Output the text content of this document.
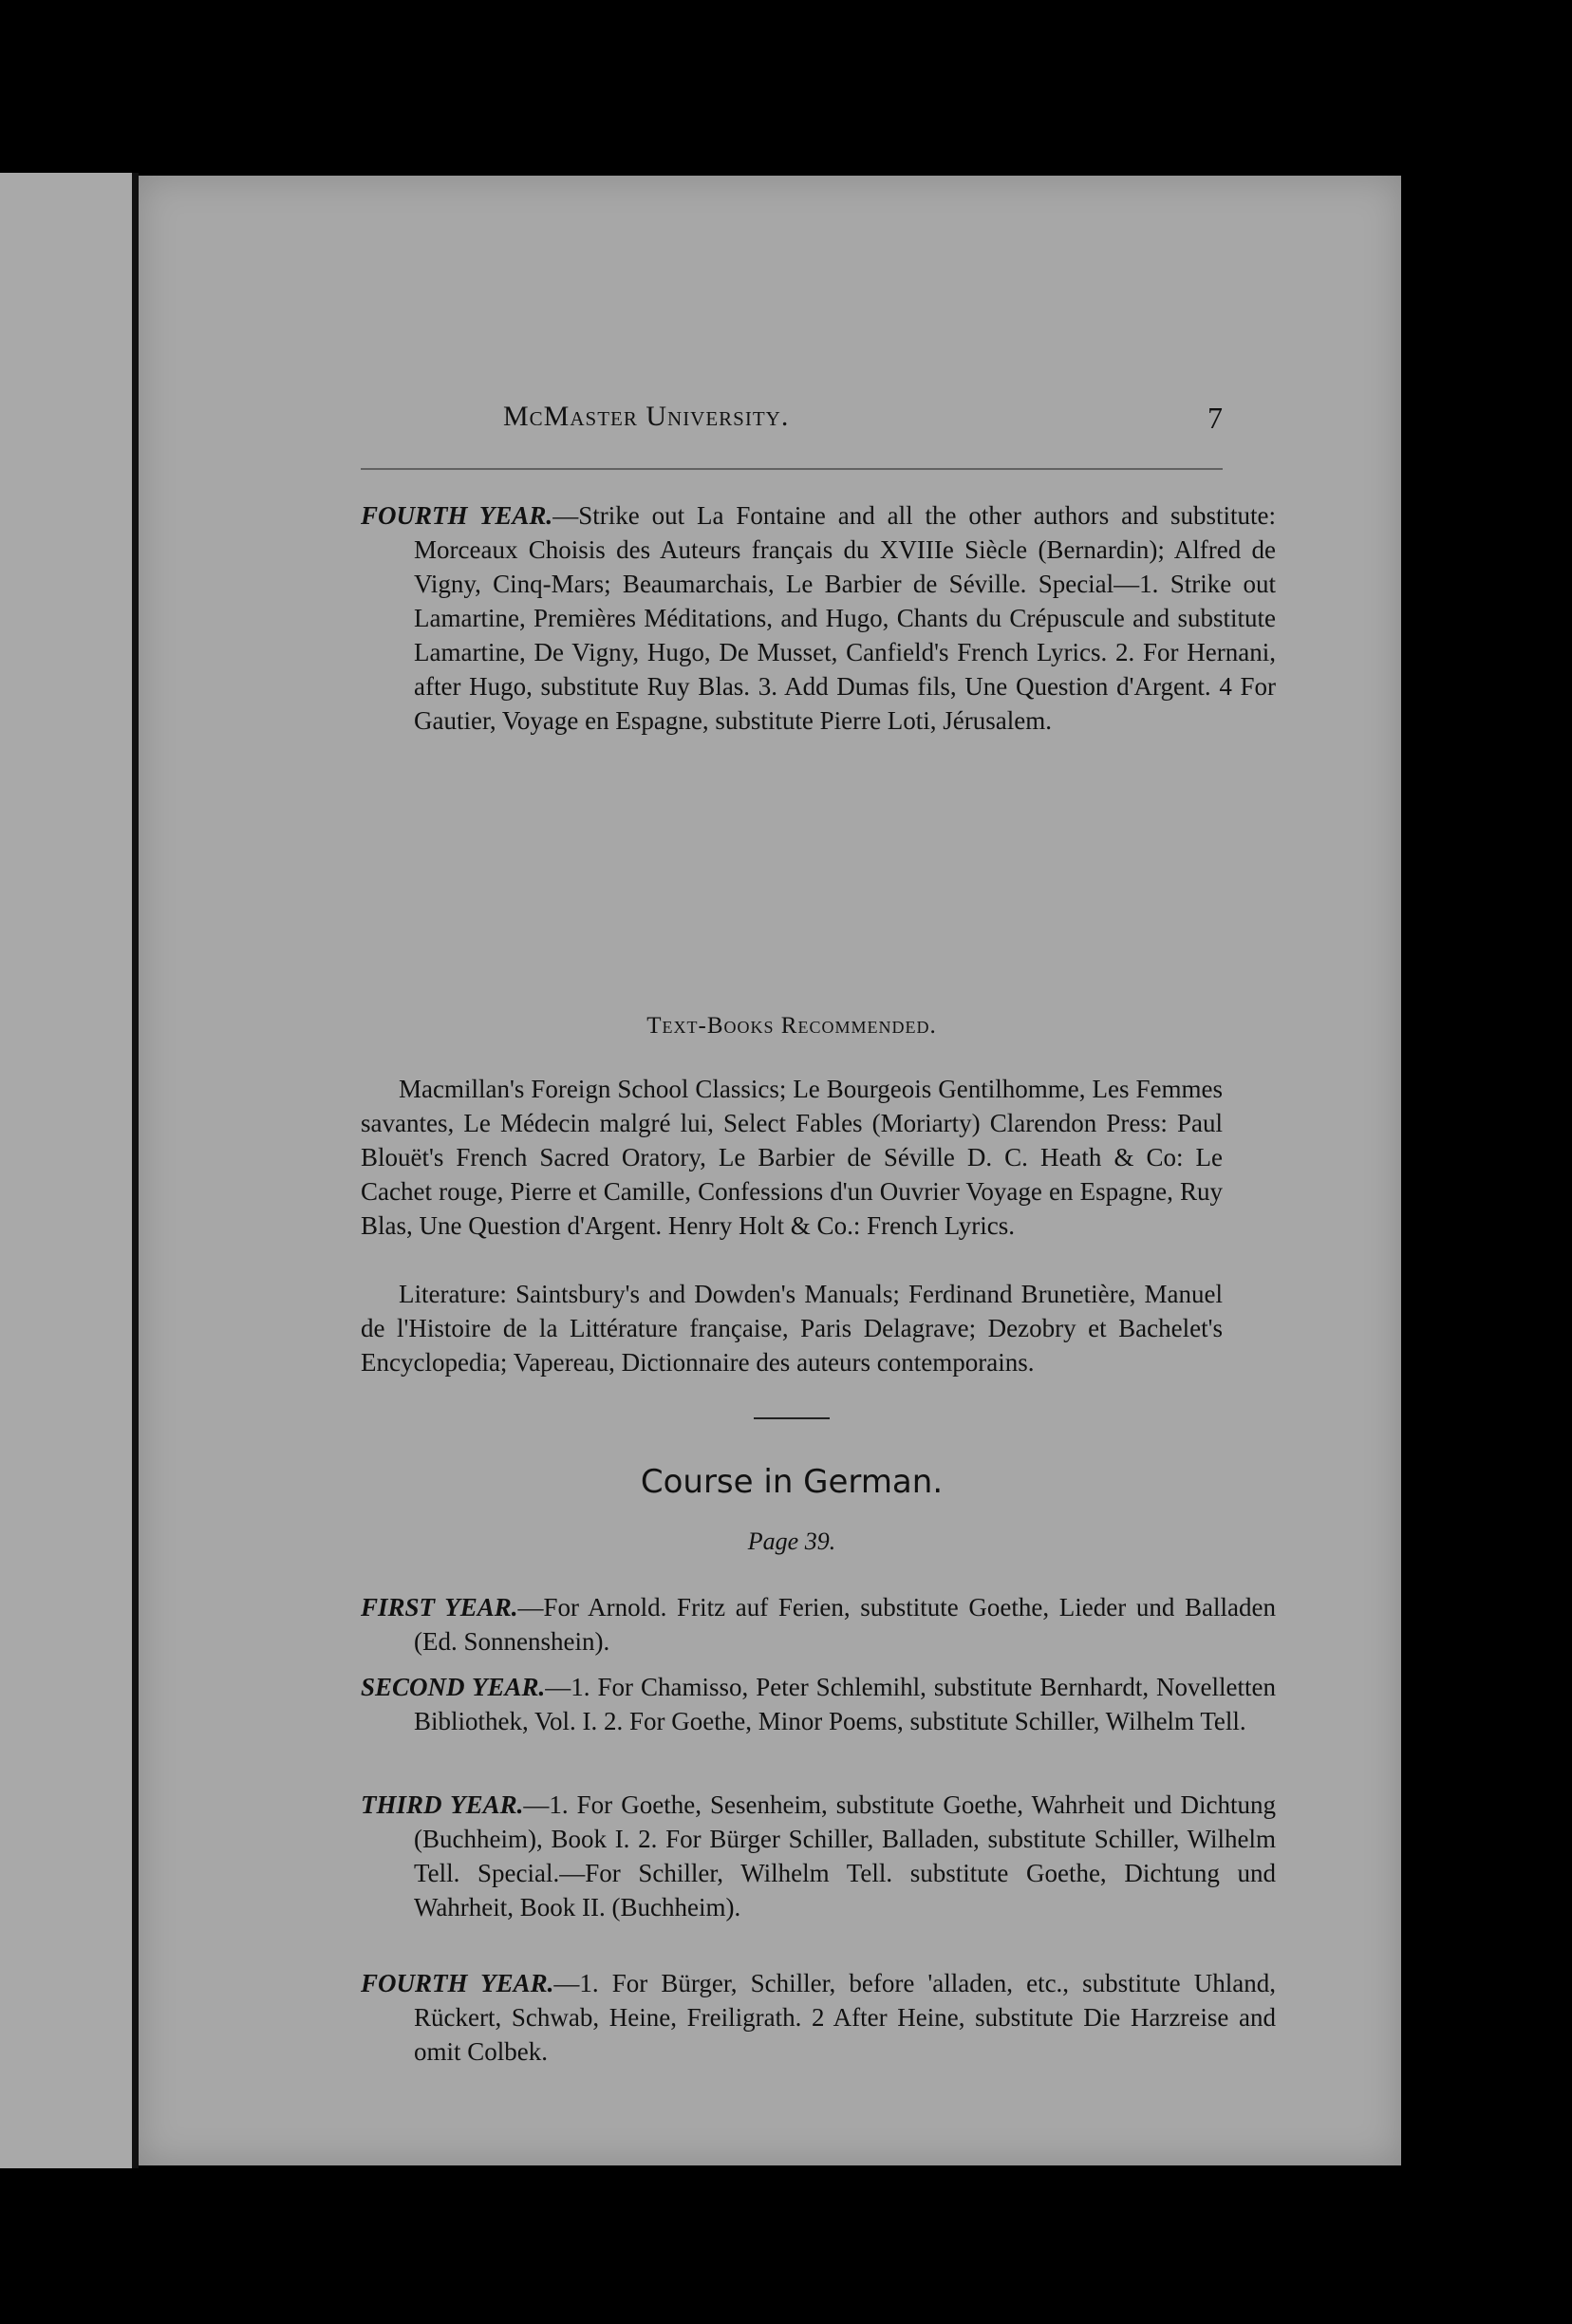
McMaster University.	7
FOURTH YEAR.—Strike out La Fontaine and all the other authors and substitute: Morceaux Choisis des Auteurs français du XVIIIe Siècle (Bernardin); Alfred de Vigny, Cinq-Mars; Beaumarchais, Le Barbier de Séville. Special—1. Strike out Lamartine, Premières Méditations, and Hugo, Chants du Crépuscule and substitute Lamartine, De Vigny, Hugo, De Musset, Canfield's French Lyrics. 2. For Hernani, after Hugo, substitute Ruy Blas. 3. Add Dumas fils, Une Question d'Argent. 4 For Gautier, Voyage en Espagne, substitute Pierre Loti, Jérusalem.
Text-Books Recommended.
Macmillan's Foreign School Classics; Le Bourgeois Gentilhomme, Les Femmes savantes, Le Médecin malgré lui, Select Fables (Moriarty) Clarendon Press: Paul Blouët's French Sacred Oratory, Le Barbier de Séville D. C. Heath & Co: Le Cachet rouge, Pierre et Camille, Confessions d'un Ouvrier Voyage en Espagne, Ruy Blas, Une Question d'Argent. Henry Holt & Co.: French Lyrics.
Literature: Saintsbury's and Dowden's Manuals; Ferdinand Brunetière, Manuel de l'Histoire de la Littérature française, Paris Delagrave; Dezobry et Bachelet's Encyclopedia; Vapereau, Dictionnaire des auteurs contemporains.
Course in German.
Page 39.
FIRST YEAR.—For Arnold. Fritz auf Ferien, substitute Goethe, Lieder und Balladen (Ed. Sonnenshein).
SECOND YEAR.—1. For Chamisso, Peter Schlemihl, substitute Bernhardt, Novelletten Bibliothek, Vol. I. 2. For Goethe, Minor Poems, substitute Schiller, Wilhelm Tell.
THIRD YEAR.—1. For Goethe, Sesenheim, substitute Goethe, Wahrheit und Dichtung (Buchheim), Book I. 2. For Bürger Schiller, Balladen, substitute Schiller, Wilhelm Tell. Special.—For Schiller, Wilhelm Tell. substitute Goethe, Dichtung und Wahrheit, Book II. (Buchheim).
FOURTH YEAR.—1. For Bürger, Schiller, before 'alladen, etc., substitute Uhland, Rückert, Schwab, Heine, Freiligrath. 2 After Heine, substitute Die Harzreise and omit Colbek.
